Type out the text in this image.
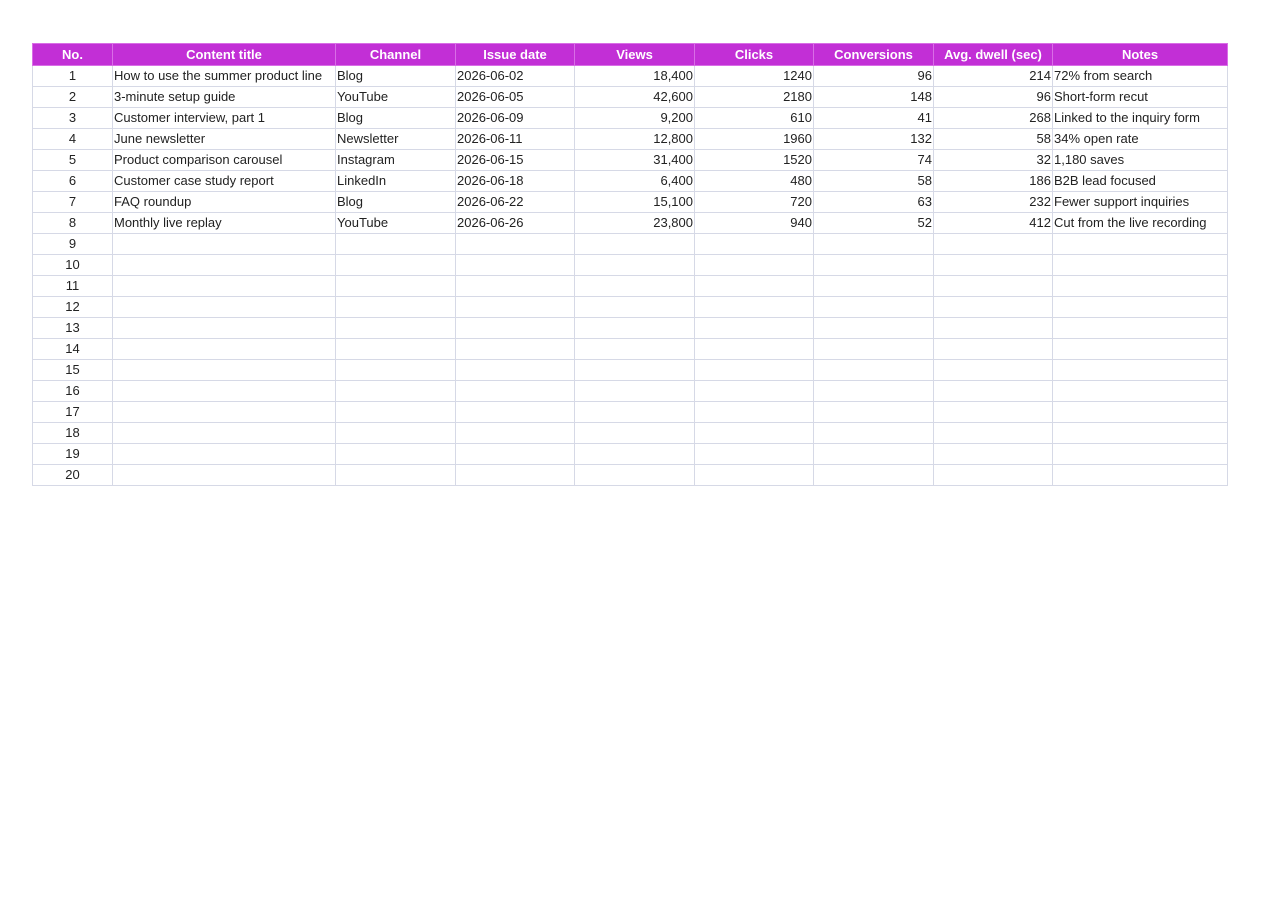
No.	Content title	Channel	Issue date	Views	Clicks	Conversions	Avg. dwell (sec)	Notes
1	How to use the summer product line	Blog	2026-06-02	18,400	1240	96	214	72% from search
2	3-minute setup guide	YouTube	2026-06-05	42,600	2180	148	96	Short-form recut
3	Customer interview, part 1	Blog	2026-06-09	9,200	610	41	268	Linked to the inquiry form
4	June newsletter	Newsletter	2026-06-11	12,800	1960	132	58	34% open rate
5	Product comparison carousel	Instagram	2026-06-15	31,400	1520	74	32	1,180 saves
6	Customer case study report	LinkedIn	2026-06-18	6,400	480	58	186	B2B lead focused
7	FAQ roundup	Blog	2026-06-22	15,100	720	63	232	Fewer support inquiries
8	Monthly live replay	YouTube	2026-06-26	23,800	940	52	412	Cut from the live recording
9								
10								
11								
12								
13								
14								
15								
16								
17								
18								
19								
20								
